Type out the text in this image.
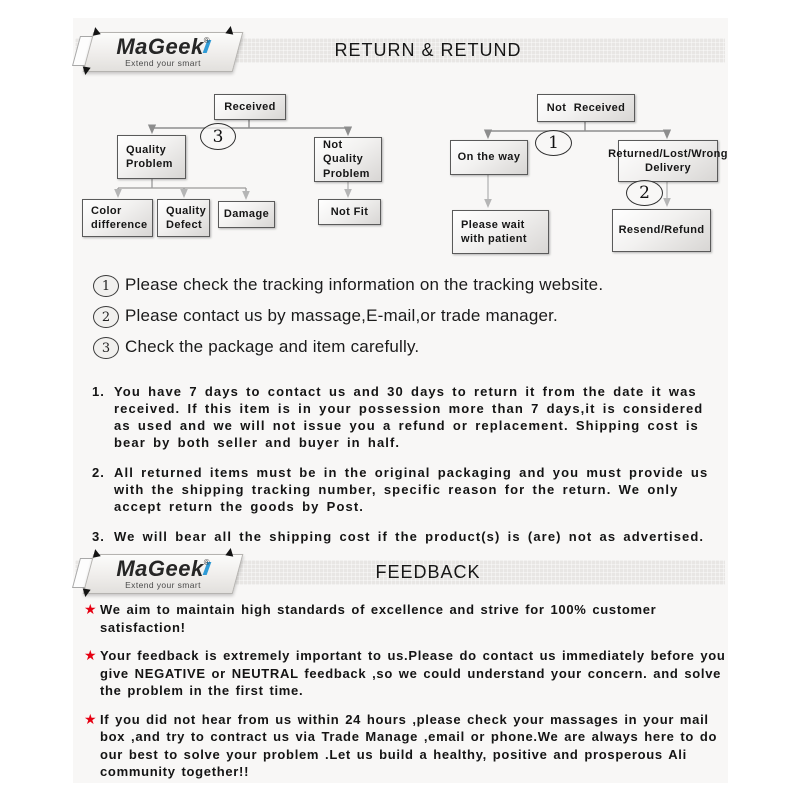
RETURN & RETUND
MaGeek
®
Extend your smart
Received
3
Quality Problem
Not Quality Problem
Color difference
Quality Defect
Damage	Not Fit
Not Received
1
On the way	Returned/Lost/Wrong Delivery
2
Please wait with patient
Resend/Refund
1 Please check the tracking information on the tracking website.
2 Please contact us by massage,E-mail,or trade manager.
3 Check the package and item carefully.
1. You have 7 days to contact us and 30 days to return it from the date it was received. If this item is in your possession more than 7 days,it is considered as used and we will not issue you a refund or replacement. Shipping cost is bear by both seller and buyer in half.
2. All returned items must be in the original packaging and you must provide us with the shipping tracking number, specific reason for the return. We only accept return the goods by Post.
3. We will bear all the shipping cost if the product(s) is (are) not as advertised.
FEEDBACK
MaGeek
®
Extend your smart
★ We aim to maintain high standards of excellence and strive for 100% customer satisfaction!
★ Your feedback is extremely important to us.Please do contact us immediately before you give NEGATIVE or NEUTRAL feedback ,so we could understand your concern. and solve the problem in the first time.
★ If you did not hear from us within 24 hours ,please check your massages in your mail box ,and try to contract us via Trade Manage ,email or phone.We are always here to do our best to solve your problem .Let us build a healthy, positive and prosperous Ali community together!!
